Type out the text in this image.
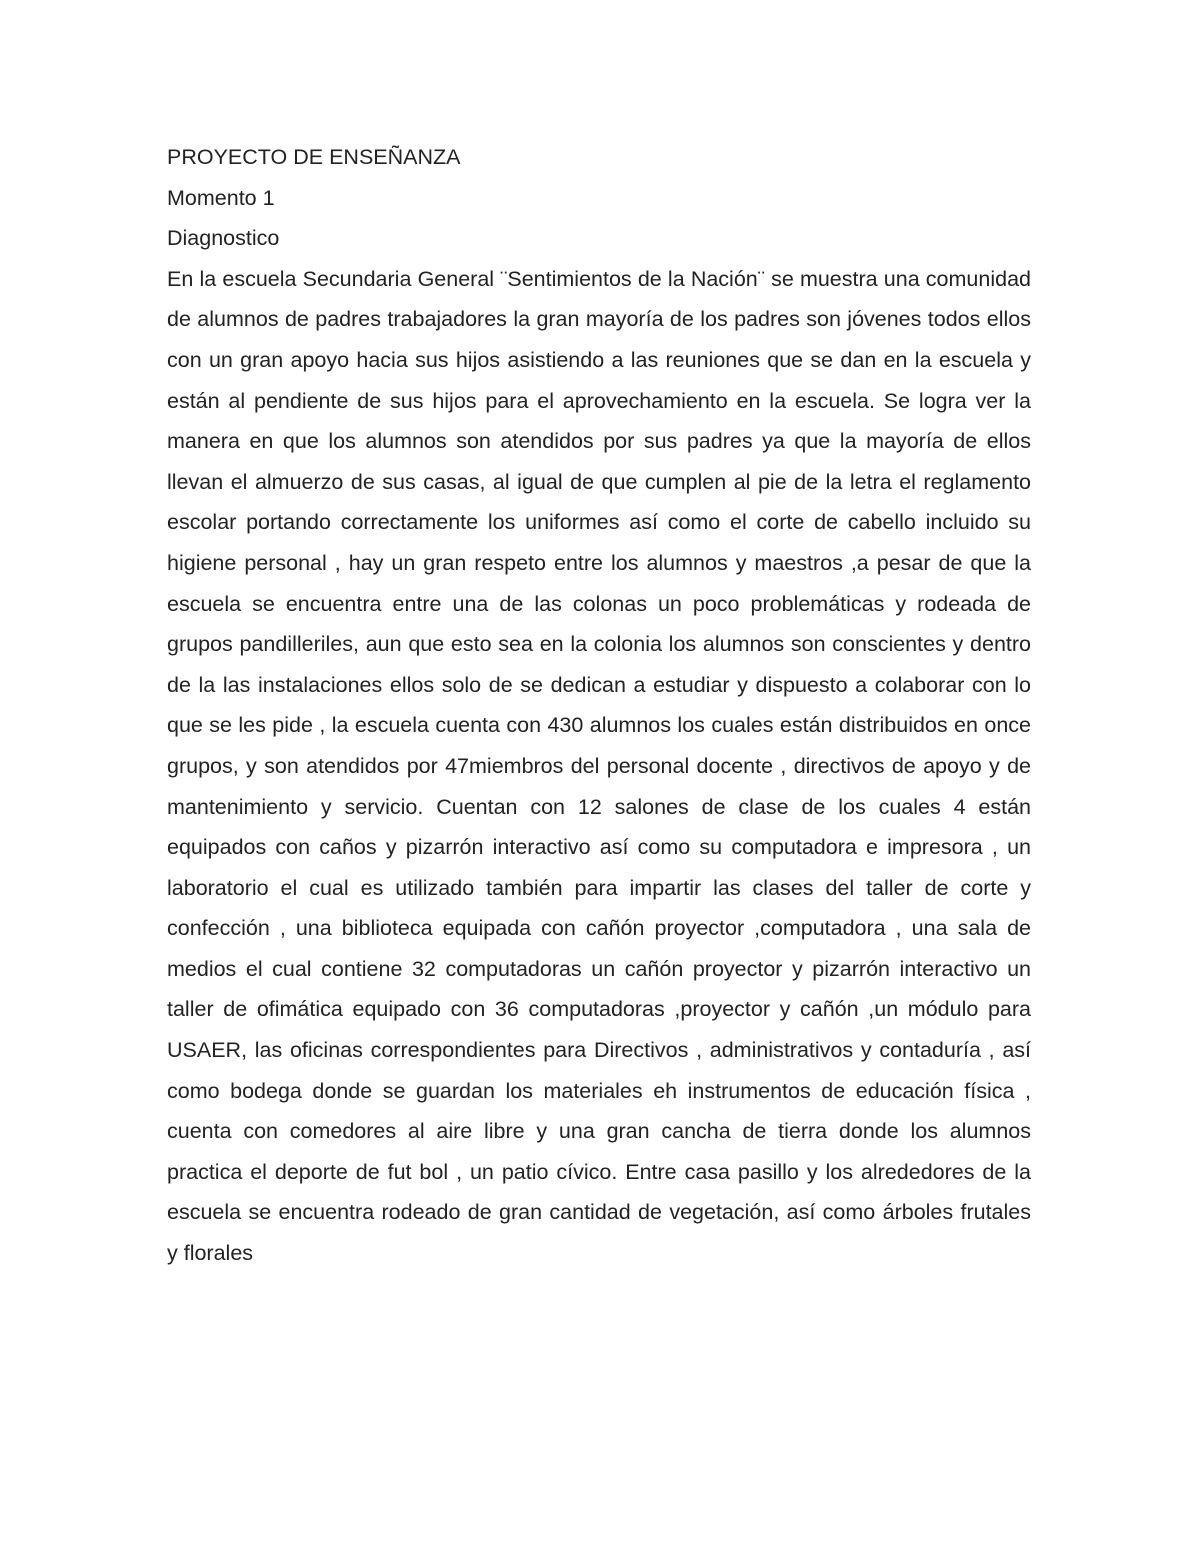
PROYECTO DE ENSEÑANZA

Momento 1

Diagnostico

En la escuela Secundaria General ¨Sentimientos de la Nación¨ se muestra una comunidad de alumnos de padres trabajadores la gran mayoría de los padres son jóvenes todos ellos con un gran apoyo hacia sus hijos asistiendo a las reuniones que se dan en la escuela y están al pendiente de sus hijos para el aprovechamiento en la escuela. Se logra ver la manera en que los alumnos son atendidos por sus padres ya que la mayoría de ellos llevan el almuerzo de sus casas, al igual de que cumplen al pie de la letra el reglamento escolar portando correctamente los uniformes así como el corte de cabello incluido su higiene personal , hay un gran respeto entre los alumnos y maestros ,a pesar de que la escuela se encuentra entre una de las colonas un poco problemáticas y rodeada de grupos pandilleriles, aun que esto sea en la colonia los alumnos son conscientes y dentro de la las instalaciones ellos solo de se dedican a estudiar y dispuesto a colaborar con lo que se les pide , la escuela cuenta con 430 alumnos los cuales están distribuidos en once grupos, y son atendidos por 47miembros del personal docente , directivos de apoyo y de mantenimiento y servicio. Cuentan con 12 salones de clase de los cuales 4 están equipados con caños y pizarrón interactivo así como su computadora e impresora , un laboratorio el cual es utilizado también para impartir las clases del taller de corte y confección , una biblioteca equipada con cañón proyector ,computadora , una sala de medios el cual contiene 32 computadoras un cañón proyector y pizarrón interactivo un taller de ofimática equipado con 36 computadoras ,proyector y cañón ,un módulo para USAER, las oficinas correspondientes para Directivos , administrativos y contaduría , así como bodega donde se guardan los materiales eh instrumentos de educación física , cuenta con comedores al aire libre y una gran cancha de tierra donde los alumnos practica el deporte de fut bol , un patio cívico. Entre casa pasillo y los alrededores de la escuela se encuentra rodeado de gran cantidad de vegetación, así como árboles frutales y florales
